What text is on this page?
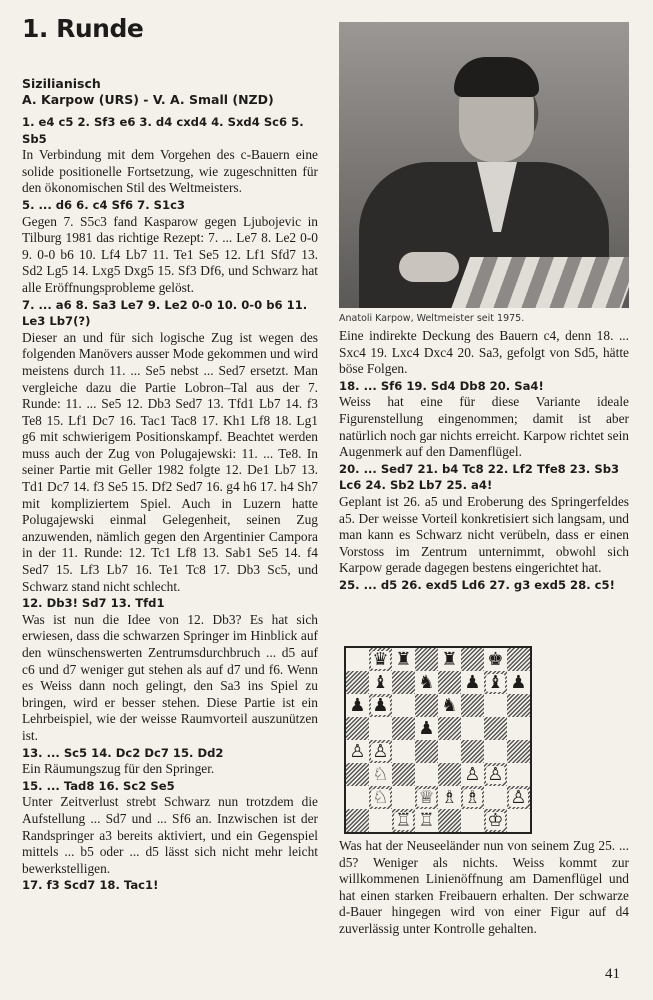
1. Runde
Sizilianisch
A. Karpow (URS) - V. A. Small (NZD)
1. e4 c5 2. Sf3 e6 3. d4 cxd4 4. Sxd4 Sc6 5. Sb5
In Verbindung mit dem Vorgehen des c-Bauern eine solide positionelle Fortsetzung, wie zugeschnitten für den ökonomischen Stil des Weltmeisters.
5. ... d6 6. c4 Sf6 7. S1c3
Gegen 7. S5c3 fand Kasparow gegen Ljubojevic in Tilburg 1981 das richtige Rezept: 7. ... Le7 8. Le2 0-0 9. 0-0 b6 10. Lf4 Lb7 11. Te1 Se5 12. Lf1 Sfd7 13. Sd2 Lg5 14. Lxg5 Dxg5 15. Sf3 Df6, und Schwarz hat alle Eröffnungsprobleme gelöst.
7. ... a6 8. Sa3 Le7 9. Le2 0-0 10. 0-0 b6 11. Le3 Lb7(?)
Dieser an und für sich logische Zug ist wegen des folgenden Manövers ausser Mode gekommen und wird meistens durch 11. ... Se5 nebst ... Sed7 ersetzt. Man vergleiche dazu die Partie Lobron–Tal aus der 7. Runde: 11. ... Se5 12. Db3 Sed7 13. Tfd1 Lb7 14. f3 Te8 15. Lf1 Dc7 16. Tac1 Tac8 17. Kh1 Lf8 18. Lg1 g6 mit schwierigem Positionskampf. Beachtet werden muss auch der Zug von Polugajewski: 11. ... Te8. In seiner Partie mit Geller 1982 folgte 12. De1 Lb7 13. Td1 Dc7 14. f3 Se5 15. Df2 Sed7 16. g4 h6 17. h4 Sh7 mit kompliziertem Spiel. Auch in Luzern hatte Polugajewski einmal Gelegenheit, seinen Zug anzuwenden, nämlich gegen den Argentinier Campora in der 11. Runde: 12. Tc1 Lf8 13. Sab1 Se5 14. f4 Sed7 15. Lf3 Lb7 16. Te1 Tc8 17. Db3 Sc5, und Schwarz stand nicht schlecht.
12. Db3! Sd7 13. Tfd1
Was ist nun die Idee von 12. Db3? Es hat sich erwiesen, dass die schwarzen Springer im Hinblick auf den wünschenswerten Zentrumsdurchbruch ... d5 auf c6 und d7 weniger gut stehen als auf d7 und f6. Wenn es Weiss dann noch gelingt, den Sa3 ins Spiel zu bringen, wird er besser stehen. Diese Partie ist ein Lehrbeispiel, wie der weisse Raumvorteil auszunützen ist.
13. ... Sc5 14. Dc2 Dc7 15. Dd2
Ein Räumungszug für den Springer.
15. ... Tad8 16. Sc2 Se5
Unter Zeitverlust strebt Schwarz nun trotzdem die Aufstellung ... Sd7 und ... Sf6 an. Inzwischen ist der Randspringer a3 bereits aktiviert, und ein Gegenspiel mittels ... b5 oder ... d5 lässt sich nicht mehr leicht bewerkstelligen.
17. f3 Scd7 18. Tac1!
Anatoli Karpow, Weltmeister seit 1975.
Eine indirekte Deckung des Bauern c4, denn 18. ... Sxc4 19. Lxc4 Dxc4 20. Sa3, gefolgt von Sd5, hätte böse Folgen.
18. ... Sf6 19. Sd4 Db8 20. Sa4!
Weiss hat eine für diese Variante ideale Figurenstellung eingenommen; damit ist aber natürlich noch gar nichts erreicht. Karpow richtet sein Augenmerk auf den Damenflügel.
20. ... Sed7 21. b4 Tc8 22. Lf2 Tfe8 23. Sb3 Lc6 24. Sb2 Lb7 25. a4!
Geplant ist 26. a5 und Eroberung des Springerfeldes a5. Der weisse Vorteil konkretisiert sich langsam, und man kann es Schwarz nicht verübeln, dass er einen Vorstoss im Zentrum unternimmt, obwohl sich Karpow gerade dagegen bestens eingerichtet hat.
25. ... d5 26. exd5 Ld6 27. g3 exd5 28. c5!
♛ ♜ ♜ ♚
♝ ♞ ♟ ♝ ♟
♟ ♟	♞
♟
♙ ♙
♘	♙ ♙
♘ ♕ ♗ ♗ ♙
♖ ♖	♔
Was hat der Neuseeländer nun von seinem Zug 25. ... d5? Weniger als nichts. Weiss kommt zur willkommenen Linienöffnung am Damenflügel und hat einen starken Freibauern erhalten. Der schwarze d-Bauer hingegen wird von einer Figur auf d4 zuverlässig unter Kontrolle gehalten.
41
